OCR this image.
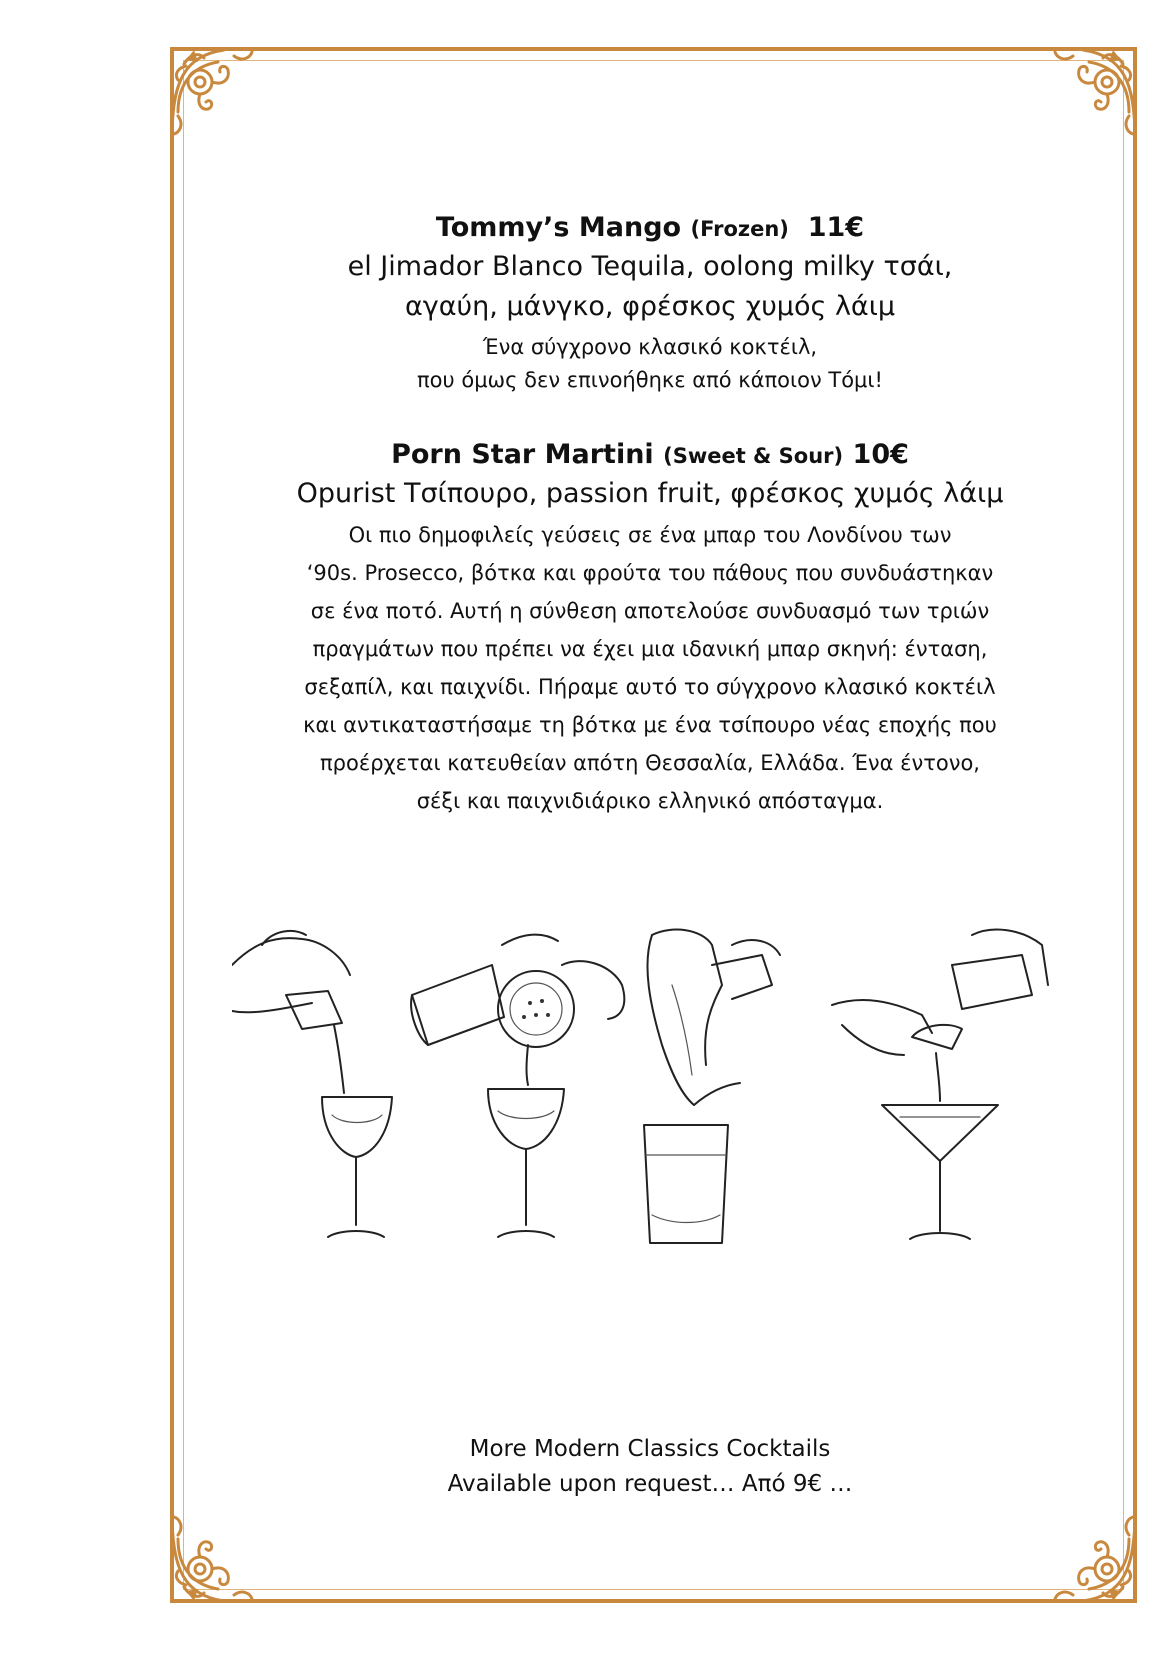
Tommy’s Mango (Frozen) 11€

el Jimador Blanco Tequila, oolong milky τσάι,

αγαύη, μάνγκο, φρέσκος χυμός λάιμ

Ένα σύγχρονο κλασικό κοκτέιλ,

που όμως δεν επινοήθηκε από κάποιον Τόμι!

Porn Star Martini (Sweet & Sour) 10€

Opurist Τσίπουρο, passion fruit, φρέσκος χυμός λάιμ

Οι πιο δημοφιλείς γεύσεις σε ένα μπαρ του Λονδίνου των

‘90s. Prosecco, βότκα και φρούτα του πάθους που συνδυάστηκαν

σε ένα ποτό. Αυτή η σύνθεση αποτελούσε συνδυασμό των τριών

πραγμάτων που πρέπει να έχει μια ιδανική μπαρ σκηνή: ένταση,

σεξαπίλ, και παιχνίδι. Πήραμε αυτό το σύγχρονο κλασικό κοκτέιλ

και αντικαταστήσαμε τη βότκα με ένα τσίπουρο νέας εποχής που

προέρχεται κατευθείαν απότη Θεσσαλία, Ελλάδα. Ένα έντονο,

σέξι και παιχνιδιάρικο ελληνικό απόσταγμα.

More Modern Classics Cocktails
Available upon request… Από 9€ …
